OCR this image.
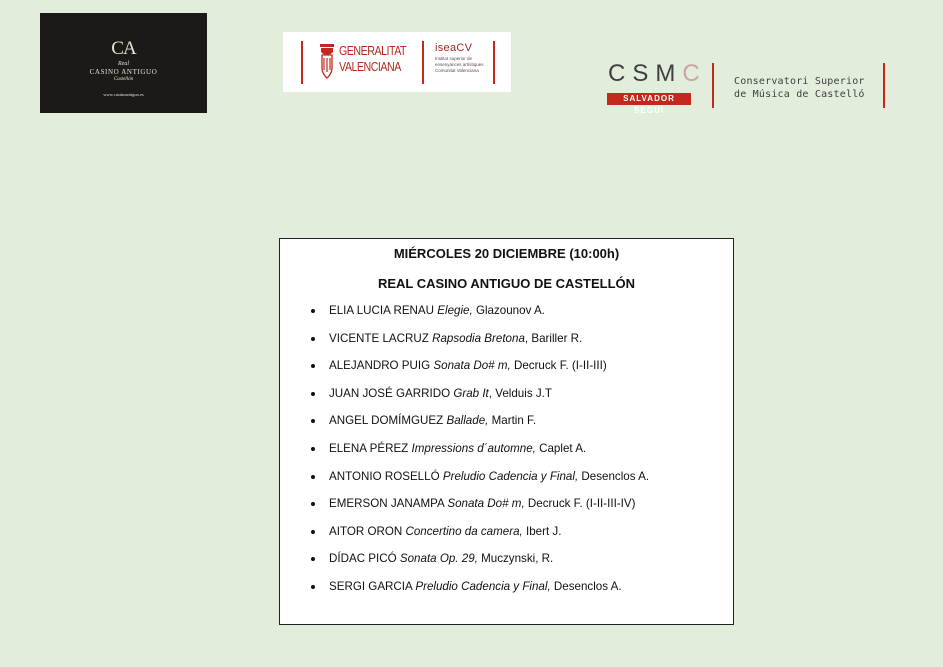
CA
Real
CASINO ANTIGUO
Castellón
www.casinoantiguo.es
GENERALITAT
VALENCIANA
iseaCV
Institut superior de ensenyances artístiques Comunitat Valenciana	CSMC
SALVADOR SEGUÍ
Conservatori Superior
de Música de Castelló
MIÉRCOLES 20 DICIEMBRE (10:00h)
REAL CASINO ANTIGUO DE CASTELLÓN
ELIA LUCIA RENAU Elegie, Glazounov A.
VICENTE LACRUZ Rapsodia Bretona, Bariller R.
ALEJANDRO PUIG Sonata Do# m, Decruck F. (I-II-III)
JUAN JOSÉ GARRIDO Grab It, Velduis J.T
ANGEL DOMÍMGUEZ Ballade, Martin F.
ELENA PÉREZ Impressions d´automne, Caplet A.
ANTONIO ROSELLÓ Preludio Cadencia y Final, Desenclos A.
EMERSON JANAMPA Sonata Do# m, Decruck F. (I-II-III-IV)
AITOR ORON Concertino da camera, Ibert J.
DÍDAC PICÓ Sonata Op. 29, Muczynski, R.
SERGI GARCIA Preludio Cadencia y Final, Desenclos A.
